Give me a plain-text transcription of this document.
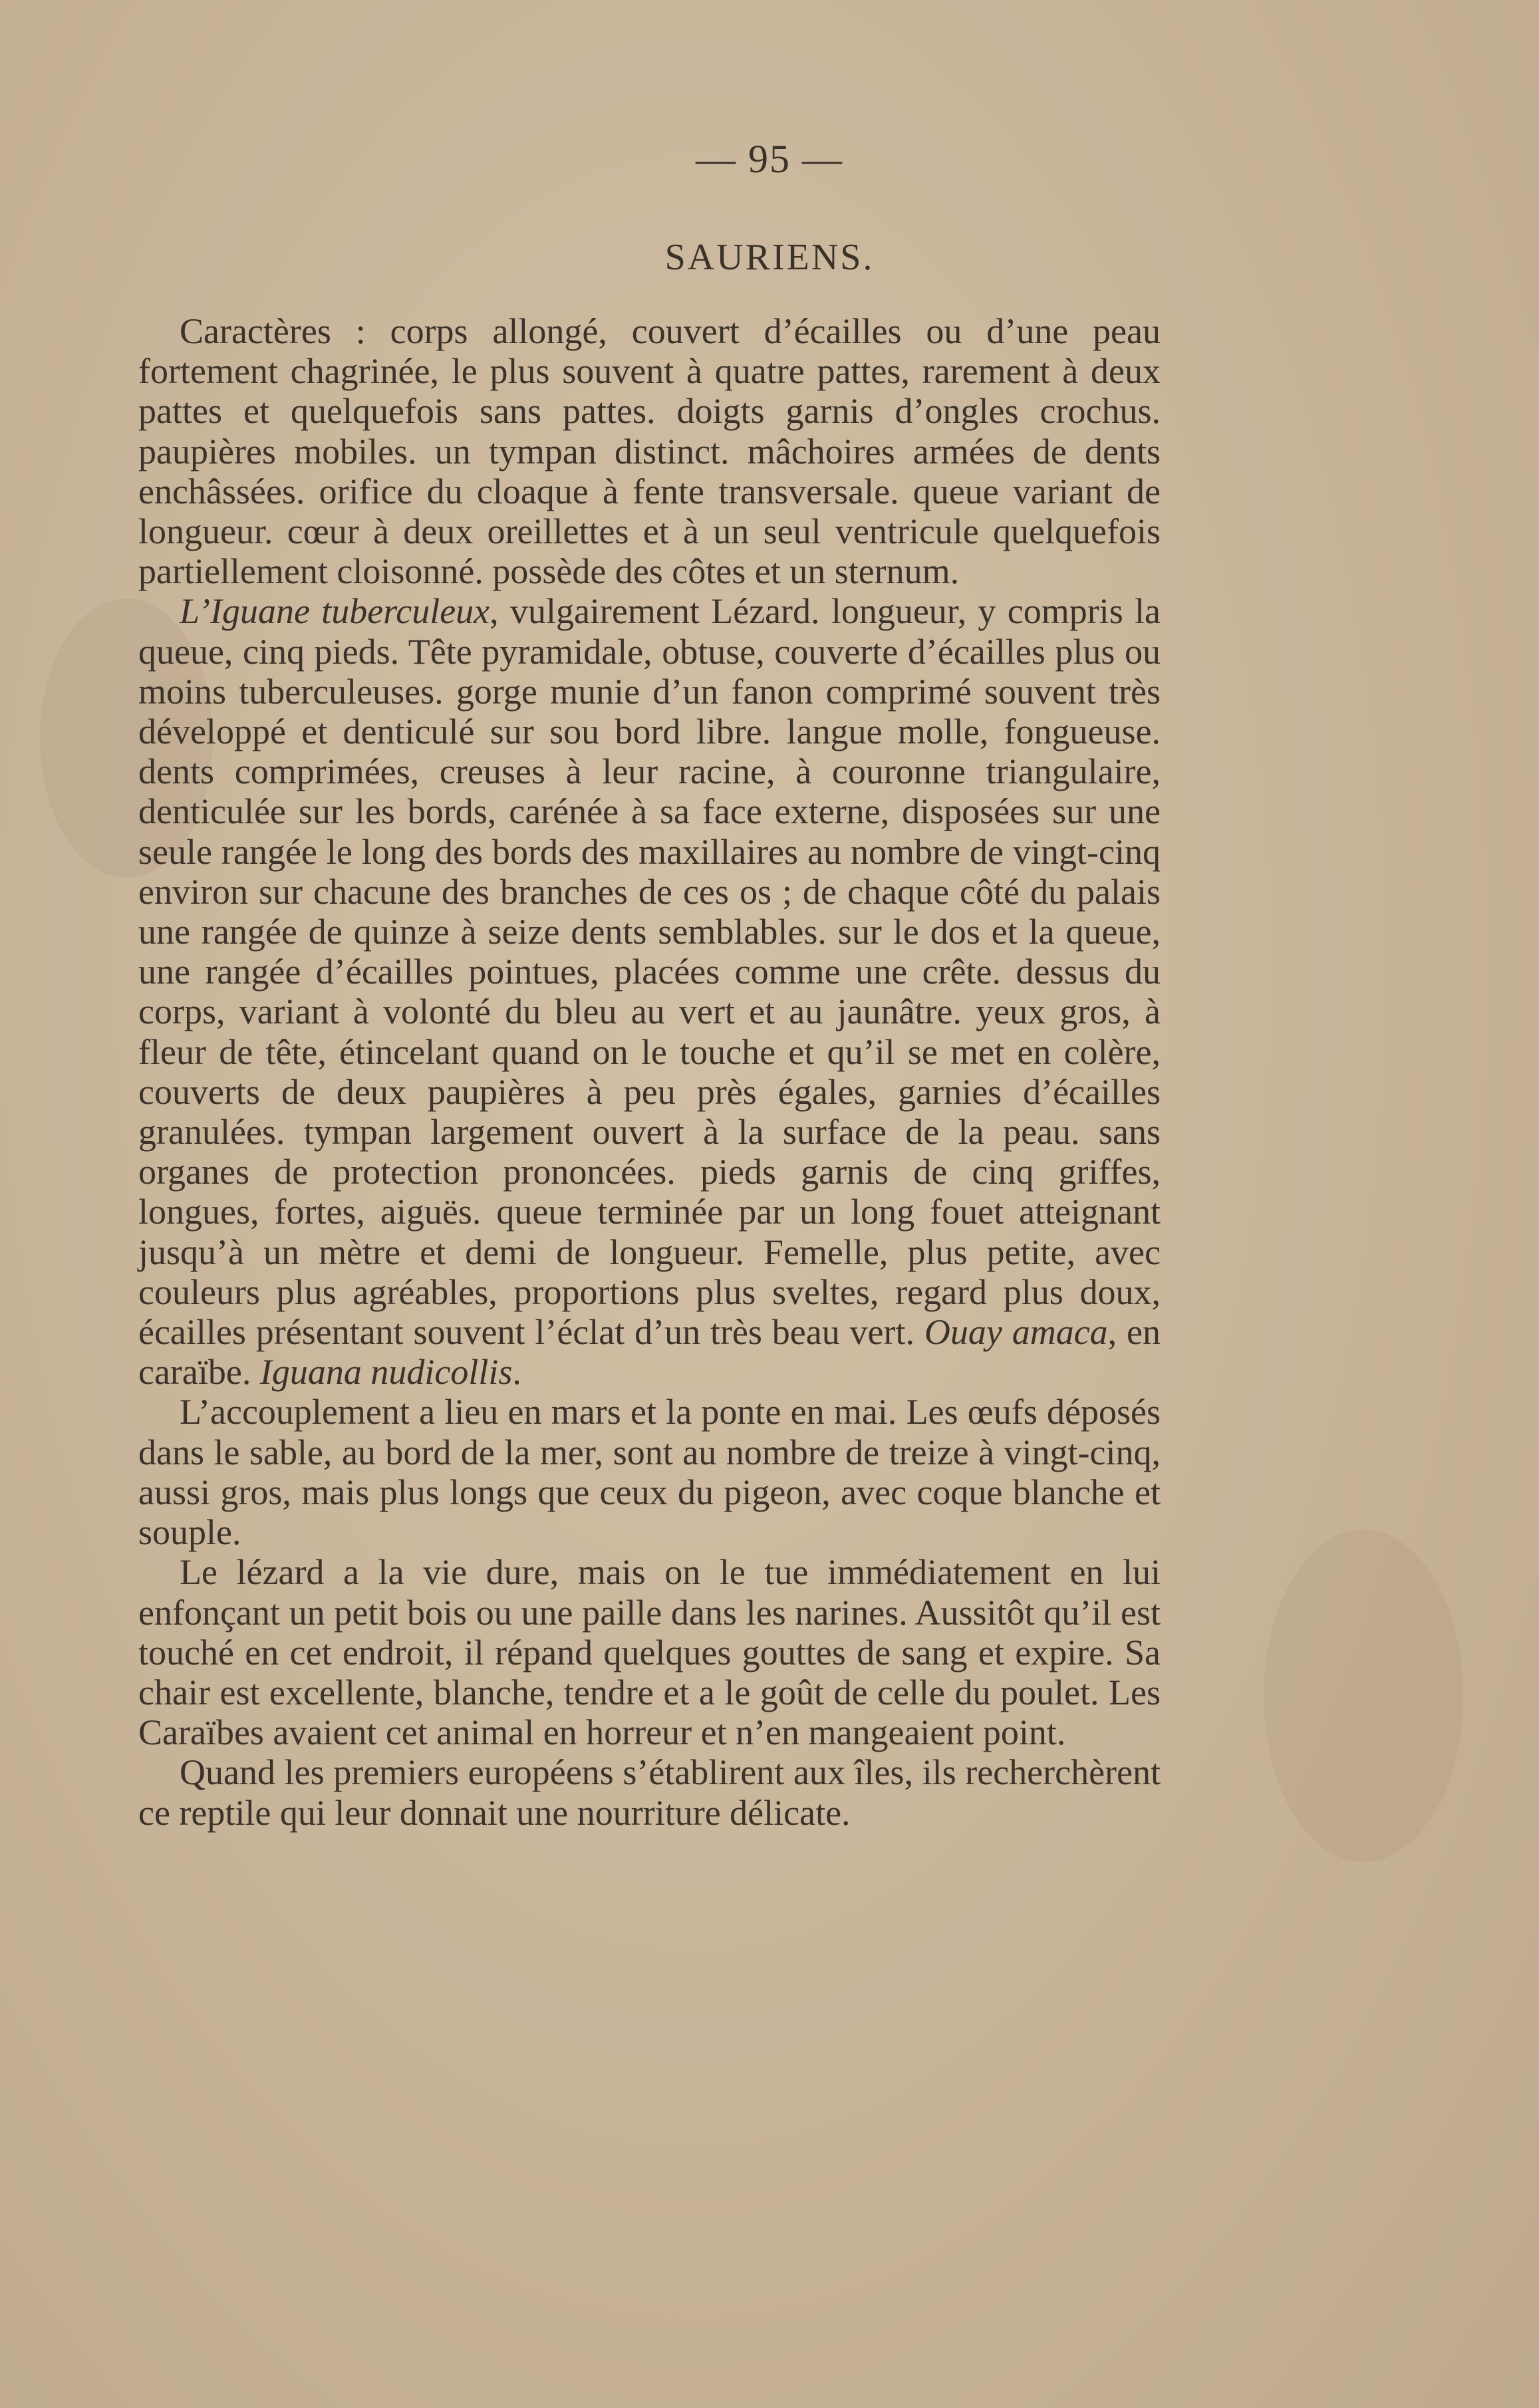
— 95 —
SAURIENS.

Caractères : corps allongé, couvert d’écailles ou d’une peau fortement chagrinée, le plus souvent à quatre pattes, rarement à deux pattes et quelquefois sans pattes. doigts garnis d’ongles crochus. paupières mobiles. un tympan distinct. mâchoires armées de dents enchâssées. orifice du cloaque à fente transversale. queue variant de longueur. cœur à deux oreillettes et à un seul ventricule quelquefois partiellement cloisonné. possède des côtes et un sternum.

L’Iguane tuberculeux, vulgairement Lézard. longueur, y compris la queue, cinq pieds. Tête pyramidale, obtuse, couverte d’écailles plus ou moins tuberculeuses. gorge munie d’un fanon comprimé souvent très développé et denticulé sur sou bord libre. langue molle, fongueuse. dents comprimées, creuses à leur racine, à couronne triangulaire, denticulée sur les bords, carénée à sa face externe, disposées sur une seule rangée le long des bords des maxillaires au nombre de vingt-cinq environ sur chacune des branches de ces os ; de chaque côté du palais une rangée de quinze à seize dents semblables. sur le dos et la queue, une rangée d’écailles pointues, placées comme une crête. dessus du corps, variant à volonté du bleu au vert et au jaunâtre. yeux gros, à fleur de tête, étincelant quand on le touche et qu’il se met en colère, couverts de deux paupières à peu près égales, garnies d’écailles granulées. tympan largement ouvert à la surface de la peau. sans organes de protection prononcées. pieds garnis de cinq griffes, longues, fortes, aiguës. queue terminée par un long fouet atteignant jusqu’à un mètre et demi de longueur. Femelle, plus petite, avec couleurs plus agréables, proportions plus sveltes, regard plus doux, écailles présentant souvent l’éclat d’un très beau vert. Ouay amaca, en caraïbe. Iguana nudicollis.

L’accouplement a lieu en mars et la ponte en mai. Les œufs déposés dans le sable, au bord de la mer, sont au nombre de treize à vingt-cinq, aussi gros, mais plus longs que ceux du pigeon, avec coque blanche et souple.

Le lézard a la vie dure, mais on le tue immédiatement en lui enfonçant un petit bois ou une paille dans les narines. Aussitôt qu’il est touché en cet endroit, il répand quelques gouttes de sang et expire. Sa chair est excellente, blanche, tendre et a le goût de celle du poulet. Les Caraïbes avaient cet animal en horreur et n’en mangeaient point.

Quand les premiers européens s’établirent aux îles, ils recherchèrent ce reptile qui leur donnait une nourriture délicate.
